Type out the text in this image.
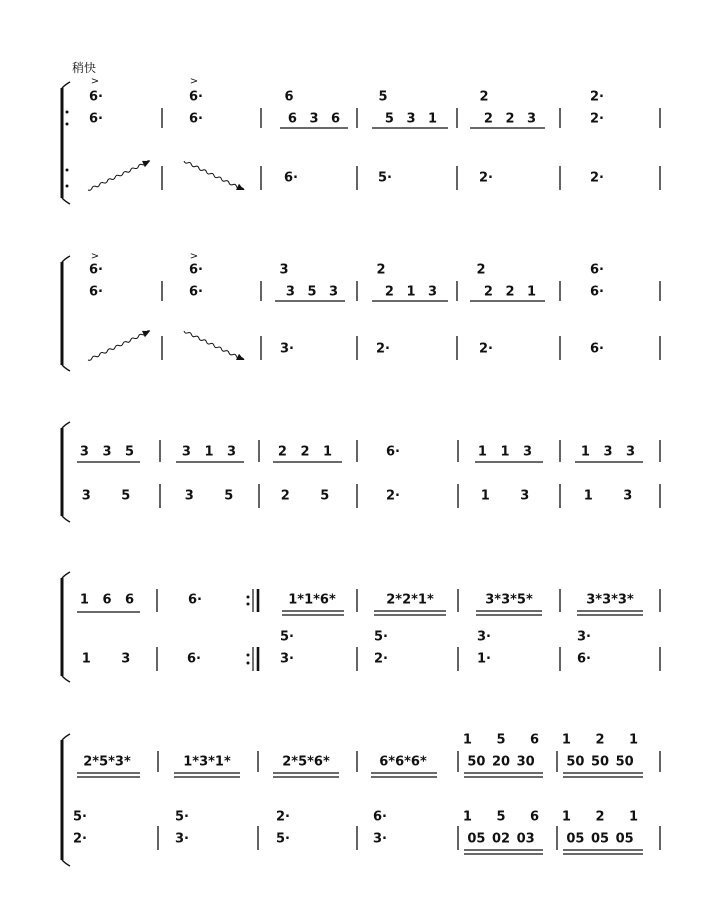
稍快
>	>
>	>
6·
6·
6·
6·
6
6 3 6
5
5 3 1
2
2 2 3
2·
2·
6·	5·	2·	2·
6·
6·
6·
6·
3
3 5 3
2
2 1 3
2
2 2 1
6·
6·
3·	2·	2·	6·
3 3 5	3 1 3	2 2 1	6·	1 1 3	1 3 3
3 5	3 5	2 5	2·	1 3	1 3
1 6 6	6·	1*1*6*	2*2*1*	3*3*5*	3*3*3*
1 3	6·
5·
3·
5·
2·
3·
1·
3·
6·
2*5*3*	1*3*1*	2*5*6*	6*6*6*
1 5 6
50 20 30
1 2 1
50 50 50
5·
2·
5·
3·
2·
5·
6·
3·
1 5 6
05 02 03
1 2 1
05 05 05
